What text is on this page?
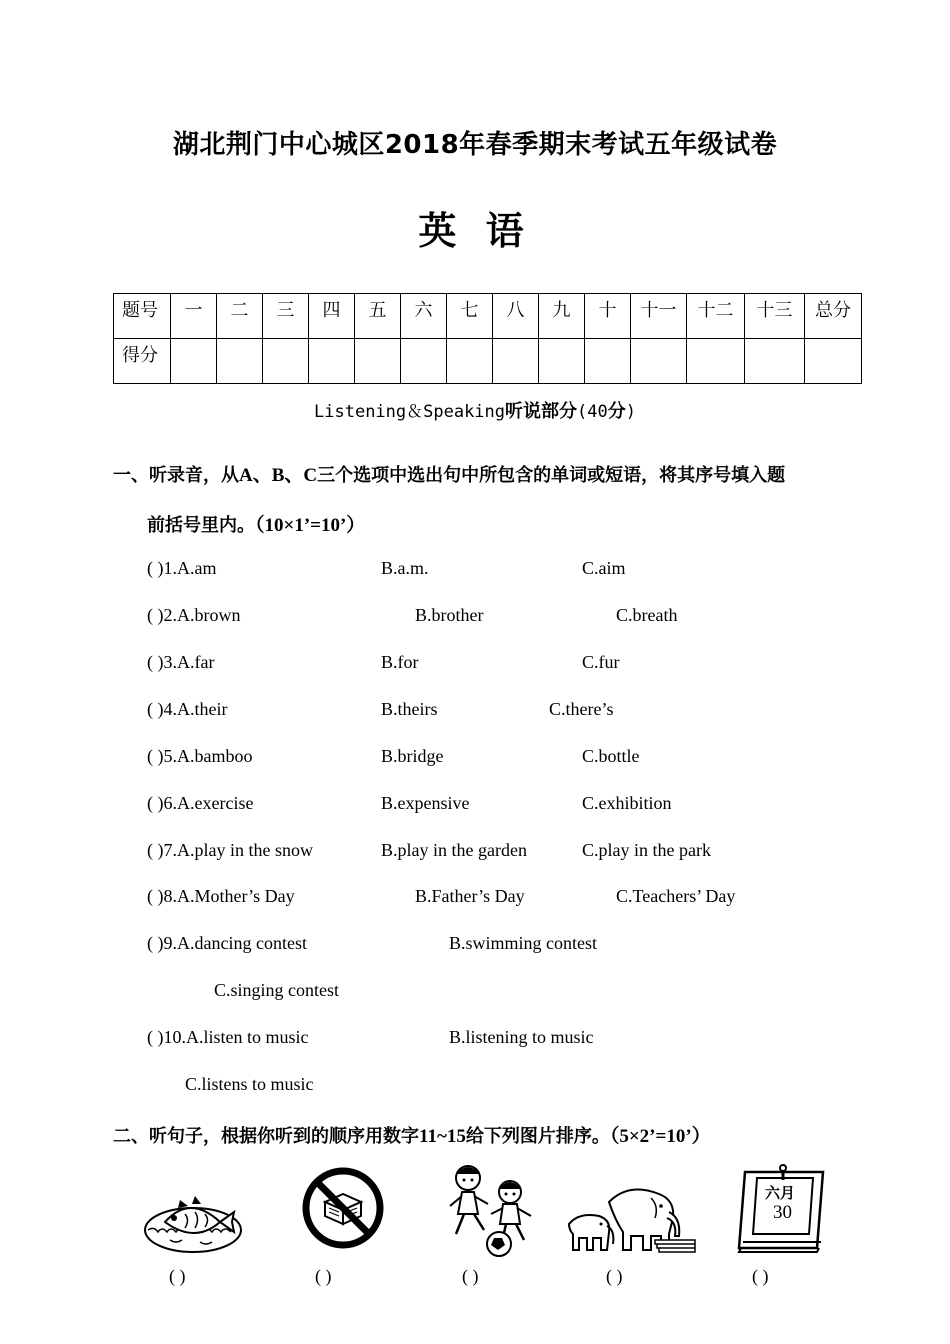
湖北荆门中心城区2018年春季期末考试五年级试卷
英 语
题号	一	二	三	四	五	六	七	八	九	十	十一	十二	十三	总分
得分														
Listening＆Speaking听说部分(40分)
一、听录音，从A、B、C三个选项中选出句中所包含的单词或短语，将其序号填入题
前括号里内。（10×1’=10’）
( )1.A.am	B.a.m.	C.aim
( )2.A.brown	B.brother	C.breath
( )3.A.far	B.for	C.fur
( )4.A.their	B.theirs	C.there’s
( )5.A.bamboo	B.bridge	C.bottle
( )6.A.exercise	B.expensive	C.exhibition
( )7.A.play in the snow	B.play in the garden	C.play in the park
( )8.A.Mother’s Day	B.Father’s Day	C.Teachers’ Day
( )9.A.dancing contest	B.swimming contest
C.singing contest
( )10.A.listen to music	B.listening to music
C.listens to music
二、听句子，根据你听到的顺序用数字11~15给下列图片排序。（5×2’=10’）
( )	( )	( )	( )
六月
30
( )
